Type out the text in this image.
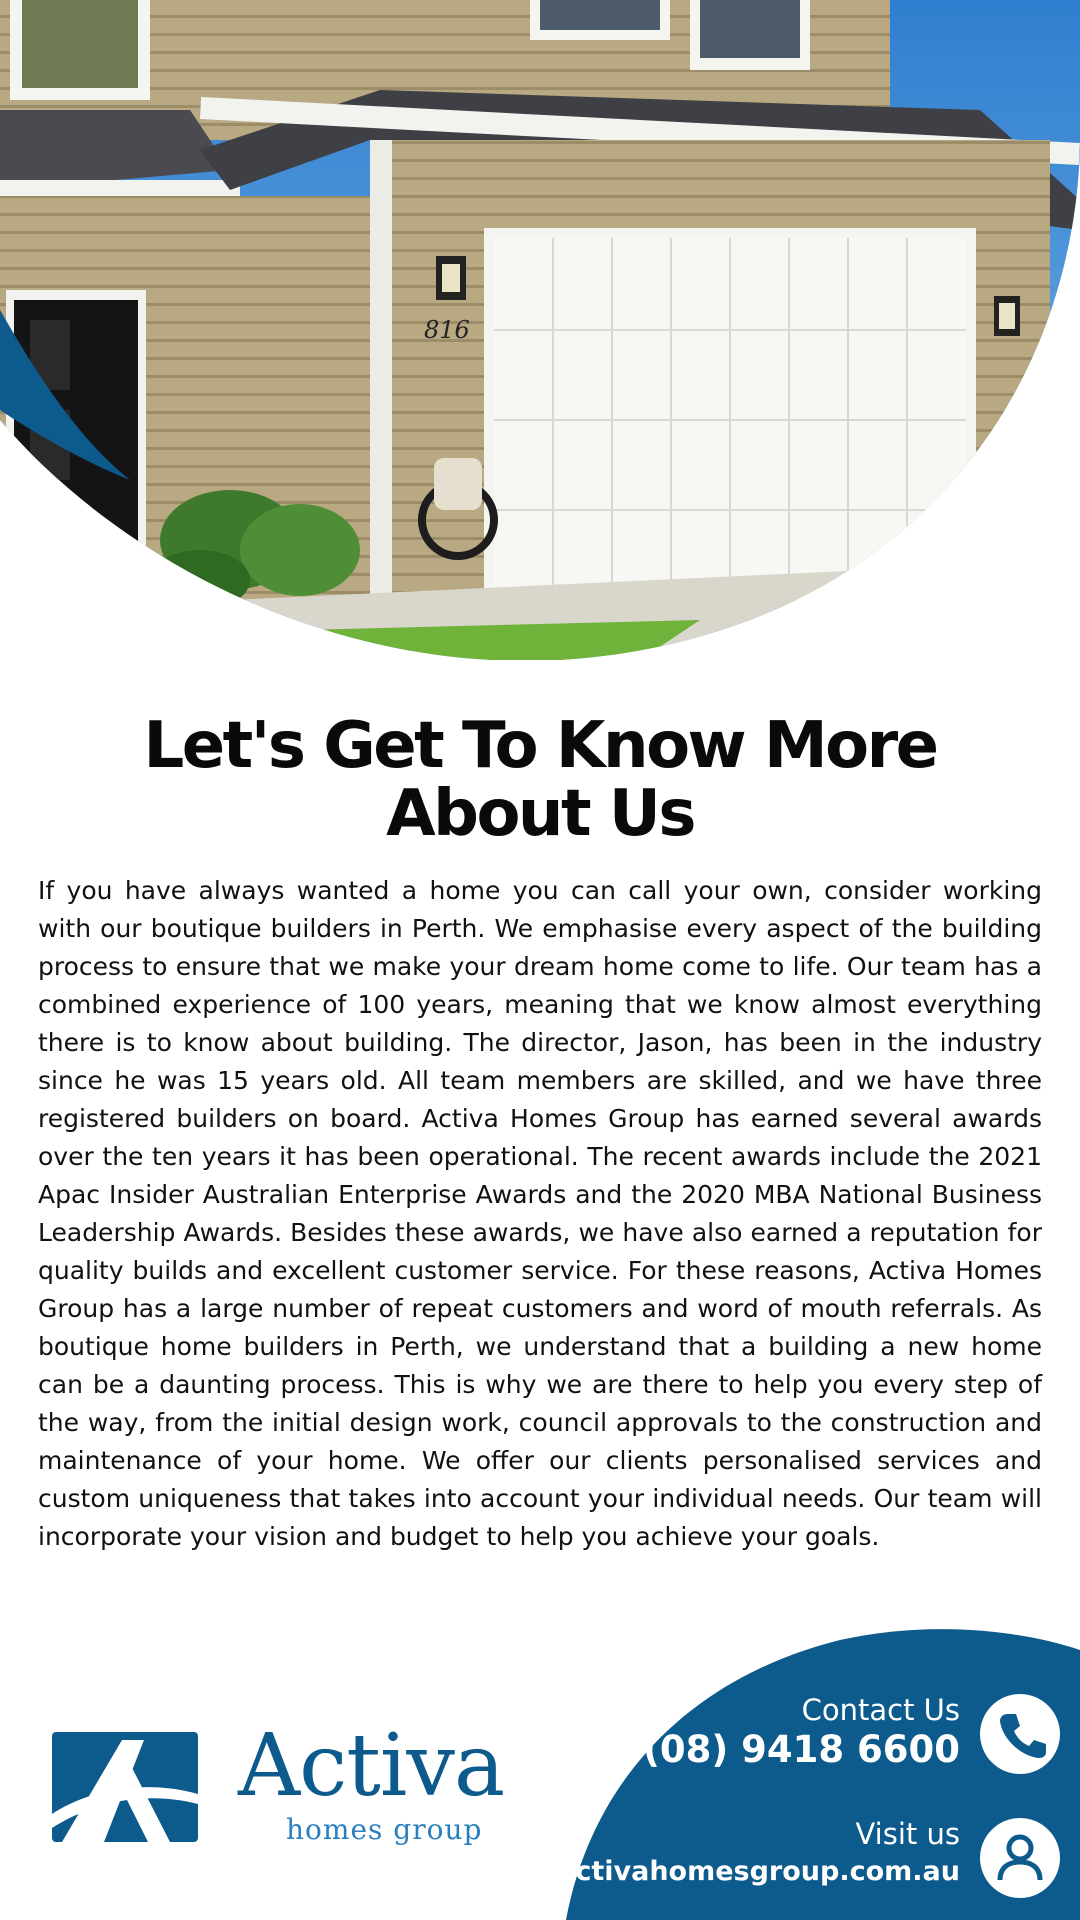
816
Let's Get To Know More
About Us

If you have always wanted a home you can call your own, consider working with our boutique builders in Perth. We emphasise every aspect of the building process to ensure that we make your dream home come to life. Our team has a combined experience of 100 years, meaning that we know almost everything there is to know about building. The director, Jason, has been in the industry since he was 15 years old. All team members are skilled, and we have three registered builders on board. Activa Homes Group has earned several awards over the ten years it has been operational. The recent awards include the 2021 Apac Insider Australian Enterprise Awards and the 2020 MBA National Business Leadership Awards. Besides these awards, we have also earned a reputation for quality builds and excellent customer service. For these reasons, Activa Homes Group has a large number of repeat customers and word of mouth referrals. As boutique home builders in Perth, we understand that a building a new home can be a daunting process. This is why we are there to help you every step of the way, from the initial design work, council approvals to the construction and maintenance of your home. We offer our clients personalised services and custom uniqueness that takes into account your individual needs. Our team will incorporate your vision and budget to help you achieve your goals.

Activa
homes group
Contact Us
(08) 9418 6600
Visit us
activahomesgroup.com.au
